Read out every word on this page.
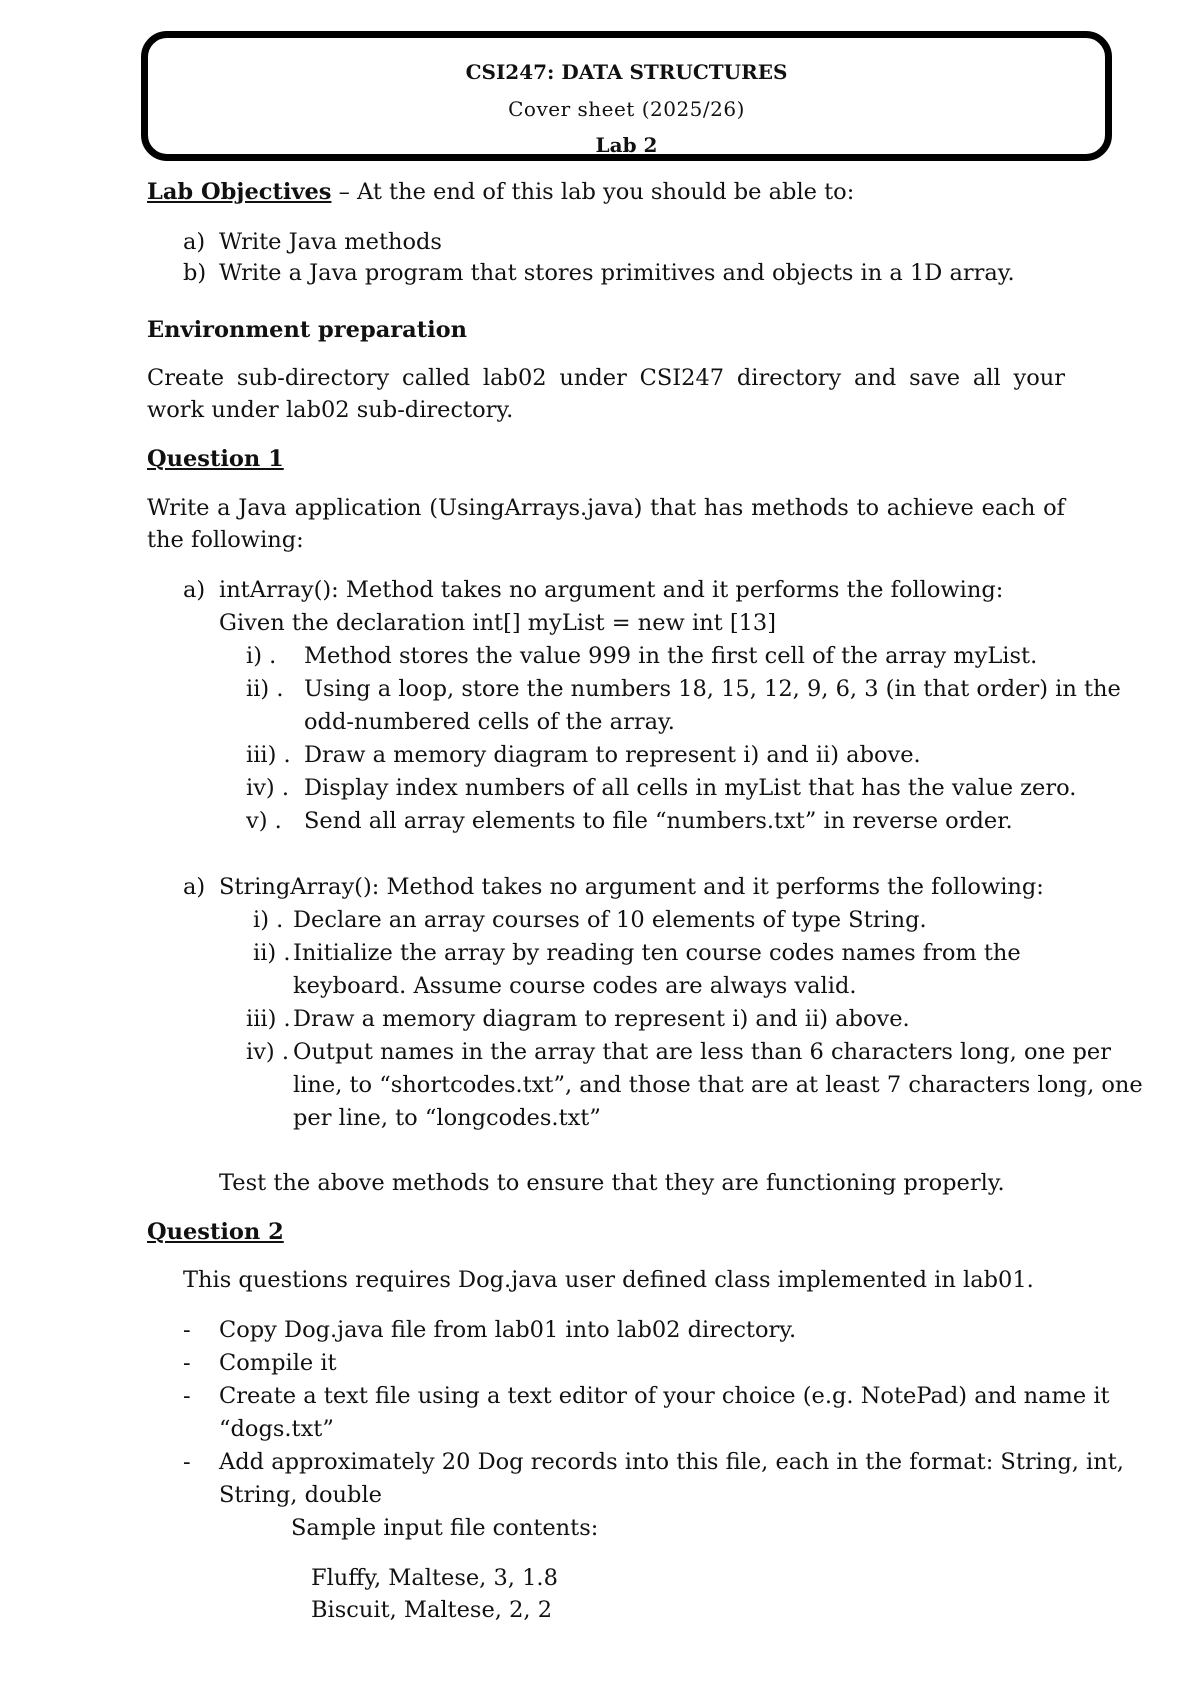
CSI247: DATA STRUCTURES
Cover sheet (2025/26)
Lab 2
Lab Objectives – At the end of this lab you should be able to:
a) Write Java methods
b) Write a Java program that stores primitives and objects in a 1D array.
Environment preparation
Create sub-directory called lab02 under CSI247 directory and save all your work under lab02 sub-directory.
Question 1
Write a Java application (UsingArrays.java) that has methods to achieve each of the following:
a) intArray(): Method takes no argument and it performs the following:
Given the declaration int[] myList = new int [13]
i) . Method stores the value 999 in the first cell of the array myList.
ii) . Using a loop, store the numbers 18, 15, 12, 9, 6, 3 (in that order) in the
odd-numbered cells of the array.
iii) . Draw a memory diagram to represent i) and ii) above.
iv) . Display index numbers of all cells in myList that has the value zero.
v) . Send all array elements to file “numbers.txt” in reverse order.
a) StringArray(): Method takes no argument and it performs the following:
i) . Declare an array courses of 10 elements of type String.
ii) . Initialize the array by reading ten course codes names from the
keyboard. Assume course codes are always valid.
iii) . Draw a memory diagram to represent i) and ii) above.
iv) . Output names in the array that are less than 6 characters long, one per
line, to “shortcodes.txt”, and those that are at least 7 characters long, one
per line, to “longcodes.txt”
Test the above methods to ensure that they are functioning properly.
Question 2
This questions requires Dog.java user defined class implemented in lab01.
- Copy Dog.java file from lab01 into lab02 directory.
- Compile it
- Create a text file using a text editor of your choice (e.g. NotePad) and name it
“dogs.txt”
- Add approximately 20 Dog records into this file, each in the format: String, int,
String, double
Sample input file contents:
Fluffy, Maltese, 3, 1.8
Biscuit, Maltese, 2, 2
